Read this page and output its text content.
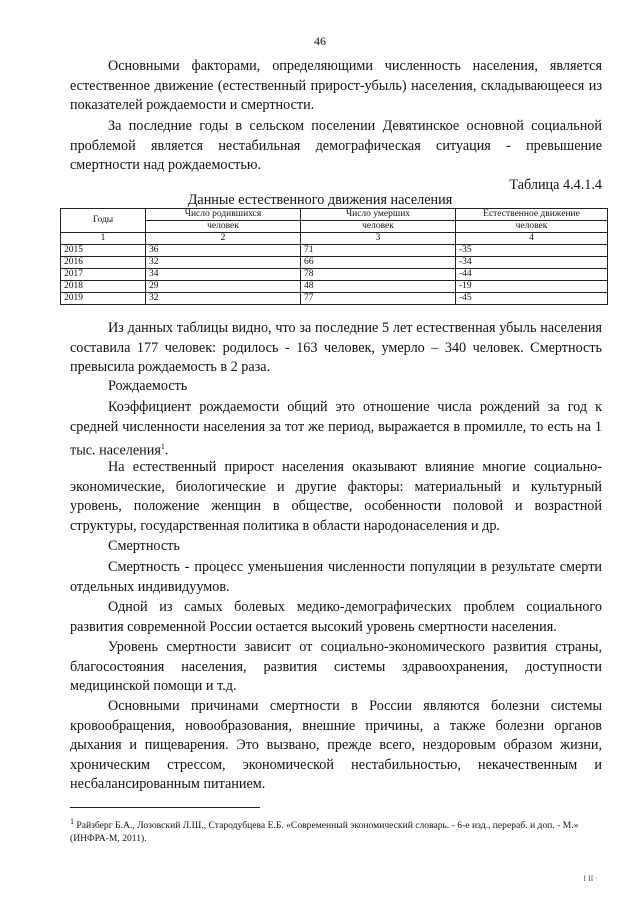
46

Основными факторами, определяющими численность населения, является естественное движение (естественный прирост-убыль) населения, складывающееся из показателей рождаемости и смертности.

За последние годы в сельском поселении Девятинское основной социальной проблемой является нестабильная демографическая ситуация - превышение смертности над рождаемостью.

Таблица 4.4.1.4
Данные естественного движения населения
Годы	Число родившихся	Число умерших	Естественное движение
	человек	человек	человек
1	2	3	4
2015	36	71	-35
2016	32	66	-34
2017	34	78	-44
2018	29	48	-19
2019	32	77	-45

Из данных таблицы видно, что за последние 5 лет естественная убыль населения составила 177 человек: родилось - 163 человек, умерло – 340 человек. Смертность превысила рождаемость в 2 раза.

Рождаемость

Коэффициент рождаемости общий это отношение числа рождений за год к средней численности населения за тот же период, выражается в промилле, то есть на 1 тыс. населения$^1$.

На естественный прирост населения оказывают влияние многие социально-экономические, биологические и другие факторы: материальный и культурный уровень, положение женщин в обществе, особенности половой и возрастной структуры, государственная политика в области народонаселения и др.

Смертность

Смертность - процесс уменьшения численности популяции в результате смерти отдельных индивидуумов.

Одной из самых болевых медико-демографических проблем социального развития современной России остается высокий уровень смертности населения.

Уровень смертности зависит от социально-экономического развития страны, благосостояния населения, развития системы здравоохранения, доступности медицинской помощи и т.д.

Основными причинами смертности в России являются болезни системы кровообращения, новообразования, внешние причины, а также болезни органов дыхания и пищеварения. Это вызвано, прежде всего, нездоровым образом жизни, хроническим стрессом, экономической нестабильностью, некачественным и несбалансированным питанием.

$^1$ Райзберг Б.А., Лозовский Л.Ш., Стародубцева Е.Б. «Современный экономический словарь. - 6-е изд., перераб. и доп. - М.» (ИНФРА-М, 2011).

I II ·
